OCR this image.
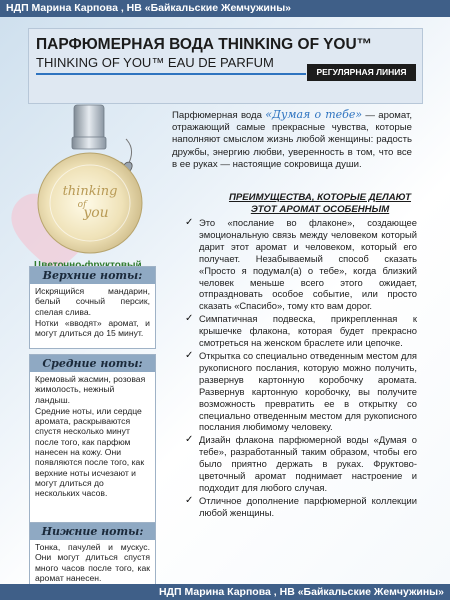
НДП Марина Карпова , НВ «Байкальские Жемчужины»
ПАРФЮМЕРНАЯ ВОДА THINKING OF YOU™
THINKING OF YOU™ EAU DE PARFUM
РЕГУЛЯРНАЯ ЛИНИЯ
thinking
of
you
Парфюмерная вода «Думая о тебе» — аромат, отражающий самые прекрасные чувства, которые наполняют смыслом жизнь любой женщины: радость дружбы, энергию любви, уверенность в том, что все в ее руках — настоящие сокровища души.
ПРЕИМУЩЕСТВА, КОТОРЫЕ ДЕЛАЮТ ЭТОТ АРОМАТ ОСОБЕННЫМ
✓ Это «послание во флаконе», создающее эмоциональную связь между человеком который дарит этот аромат и человеком, который его получает. Незабываемый способ сказать «Просто я подумал(а) о тебе», когда близкий человек меньше всего этого ожидает, отпраздновать особое событие, или просто сказать «Спасибо», тому кто вам дорог.
✓ Симпатичная подвеска, прикрепленная к крышечке флакона, которая будет прекрасно смотреться на женском браслете или цепочке.
✓ Открытка со специально отведенным местом для рукописного послания, которую можно получить, развернув картонную коробочку аромата. Развернув картонную коробочку, вы получите возможность превратить ее в открытку со специально отведенным местом для рукописного послания любимому человеку.
✓ Дизайн флакона парфюмерной воды «Думая о тебе», разработанный таким образом, чтобы его было приятно держать в руках. Фруктово-цветочный аромат поднимает настроение и подходит для любого случая.
✓ Отличное дополнение парфюмерной коллекции любой женщины.
Верхние ноты:

Искрящийся мандарин, белый сочный персик, спелая слива.

Нотки «вводят» аромат, и могут длиться до 15 минут.

Средние ноты:

Кремовый жасмин, розовая жимолость, нежный ландыш.

Средние ноты, или сердце аромата, раскрываются спустя несколько минут после того, как парфюм нанесен на кожу. Они появляются после того, как верхние ноты исчезают и могут длиться до нескольких часов.

Нижние ноты:

Тонка, пачулей и мускус. Они могут длиться спустя много часов после того, как аромат нанесен.

НДП Марина Карпова , НВ «Байкальские Жемчужины»
